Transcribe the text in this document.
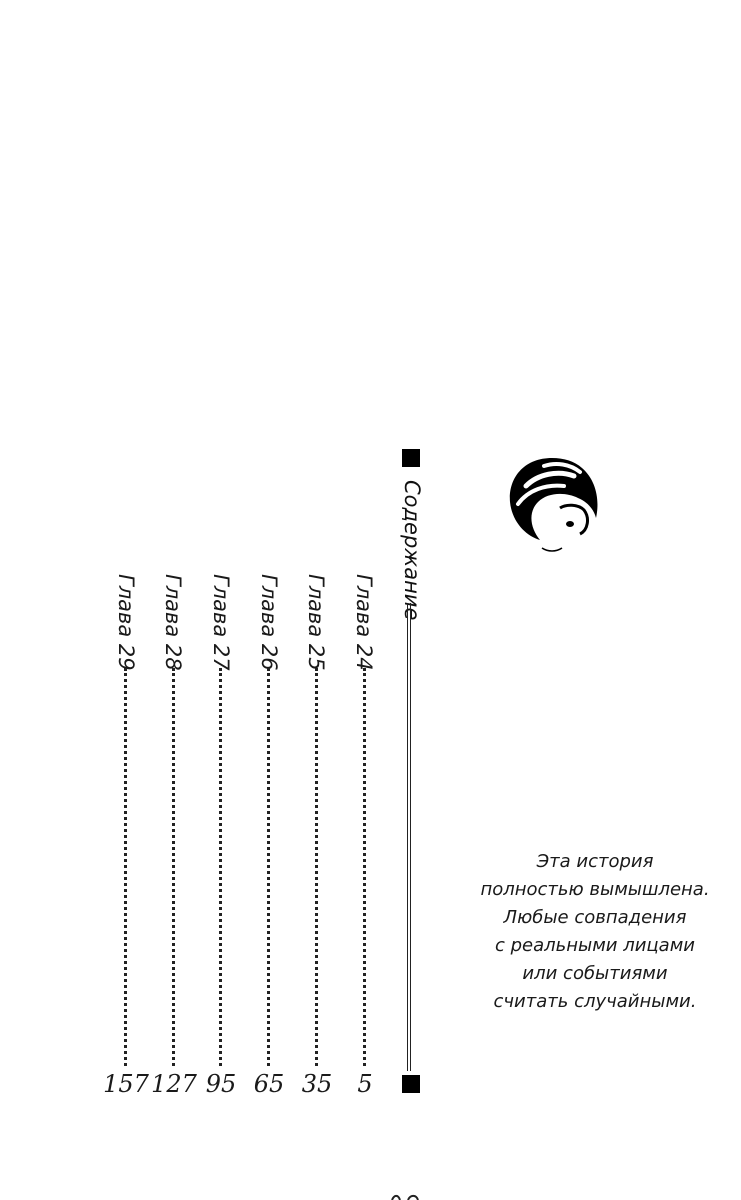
Содержание
Глава 24
5
Глава 25
35
Глава 26
65
Глава 27
95
Глава 28
127
Глава 29
157
Эта история
полностью вымышлена.
Любые совпадения
с реальными лицами
или событиями
считать случайными.
